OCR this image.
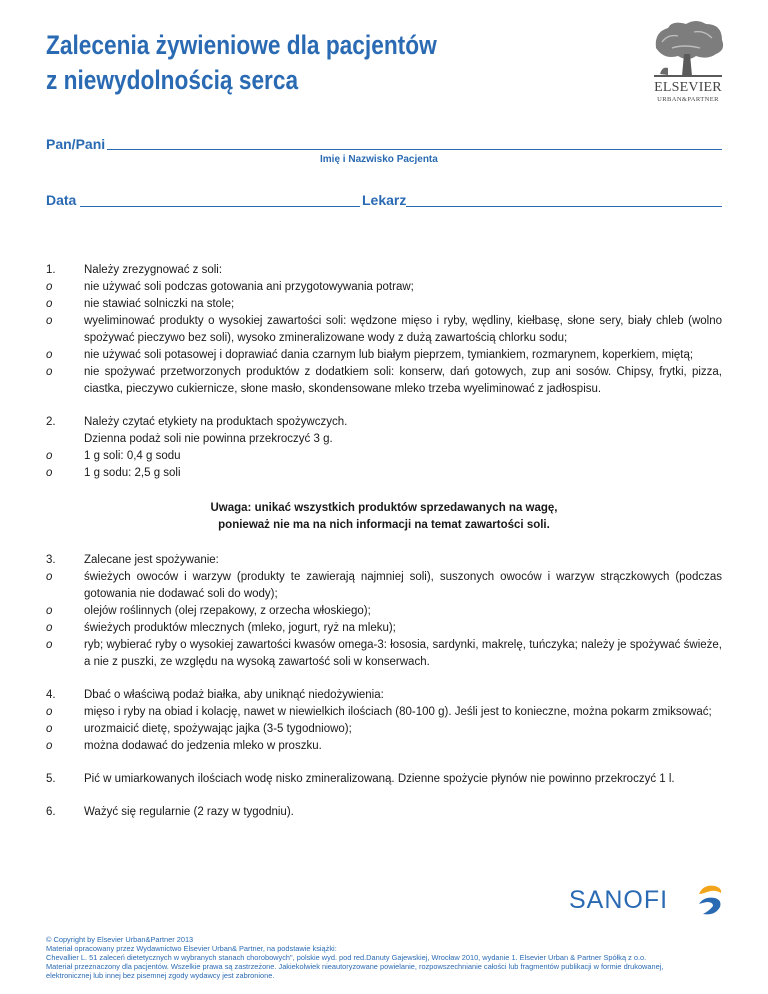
Zalecenia żywieniowe dla pacjentów
z niewydolnością serca	ELSEVIER
URBAN&PARTNER
Pan/Pani
Imię i Nazwisko Pacjenta
Data	Lekarz
1.	Należy zrezygnować z soli:
o	nie używać soli podczas gotowania ani przygotowywania potraw;
o	nie stawiać solniczki na stole;
o	wyeliminować produkty o wysokiej zawartości soli: wędzone mięso i ryby, wędliny, kiełbasę, słone sery, biały chleb (wolno spożywać pieczywo bez soli), wysoko zmineralizowane wody z dużą zawartością chlorku sodu;
o	nie używać soli potasowej i doprawiać dania czarnym lub białym pieprzem, tymiankiem, rozmarynem, koperkiem, miętą;
o	nie spożywać przetworzonych produktów z dodatkiem soli: konserw, dań gotowych, zup ani sosów. Chipsy, frytki, pizza, ciastka, pieczywo cukiernicze, słone masło, skondensowane mleko trzeba wyeliminować z jadłospisu.
2.	Należy czytać etykiety na produktach spożywczych.
Dzienna podaż soli nie powinna przekroczyć 3 g.
o	1 g soli: 0,4 g sodu
o	1 g sodu: 2,5 g soli

Uwaga: unikać wszystkich produktów sprzedawanych na wagę,

ponieważ nie ma na nich informacji na temat zawartości soli.

3.	Zalecane jest spożywanie:
o	świeżych owoców i warzyw (produkty te zawierają najmniej soli), suszonych owoców i warzyw strączkowych (podczas gotowania nie dodawać soli do wody);
o	olejów roślinnych (olej rzepakowy, z orzecha włoskiego);
o	świeżych produktów mlecznych (mleko, jogurt, ryż na mleku);
o	ryb; wybierać ryby o wysokiej zawartości kwasów omega-3: łososia, sardynki, makrelę, tuńczyka; należy je spożywać świeże, a nie z puszki, ze względu na wysoką zawartość soli w konserwach.
4.	Dbać o właściwą podaż białka, aby uniknąć niedożywienia:
o	mięso i ryby na obiad i kolację, nawet w niewielkich ilościach (80-100 g). Jeśli jest to konieczne, można pokarm zmiksować;
o	urozmaicić dietę, spożywając jajka (3-5 tygodniowo);
o	można dodawać do jedzenia mleko w proszku.
5.	Pić w umiarkowanych ilościach wodę nisko zmineralizowaną. Dzienne spożycie płynów nie powinno przekroczyć 1 l.
6.	Ważyć się regularnie (2 razy w tygodniu).
SANOFI
© Copyright by Elsevier Urban&Partner 2013
Materiał opracowany przez Wydawnictwo Elsevier Urban& Partner, na podstawie książki:
Chevallier L. 51 zaleceń dietetycznych w wybranych stanach chorobowych", polskie wyd. pod red.Danuty Gajewskiej, Wrocław 2010, wydanie 1. Elsevier Urban & Partner Spółką z o.o.
Materiał przeznaczony dla pacjentów. Wszelkie prawa są zastrzeżone. Jakiekolwiek nieautoryzowane powielanie, rozpowszechnianie całości lub fragmentów publikacji w formie drukowanej,
elektronicznej lub innej bez pisemnej zgody wydawcy jest zabronione.
